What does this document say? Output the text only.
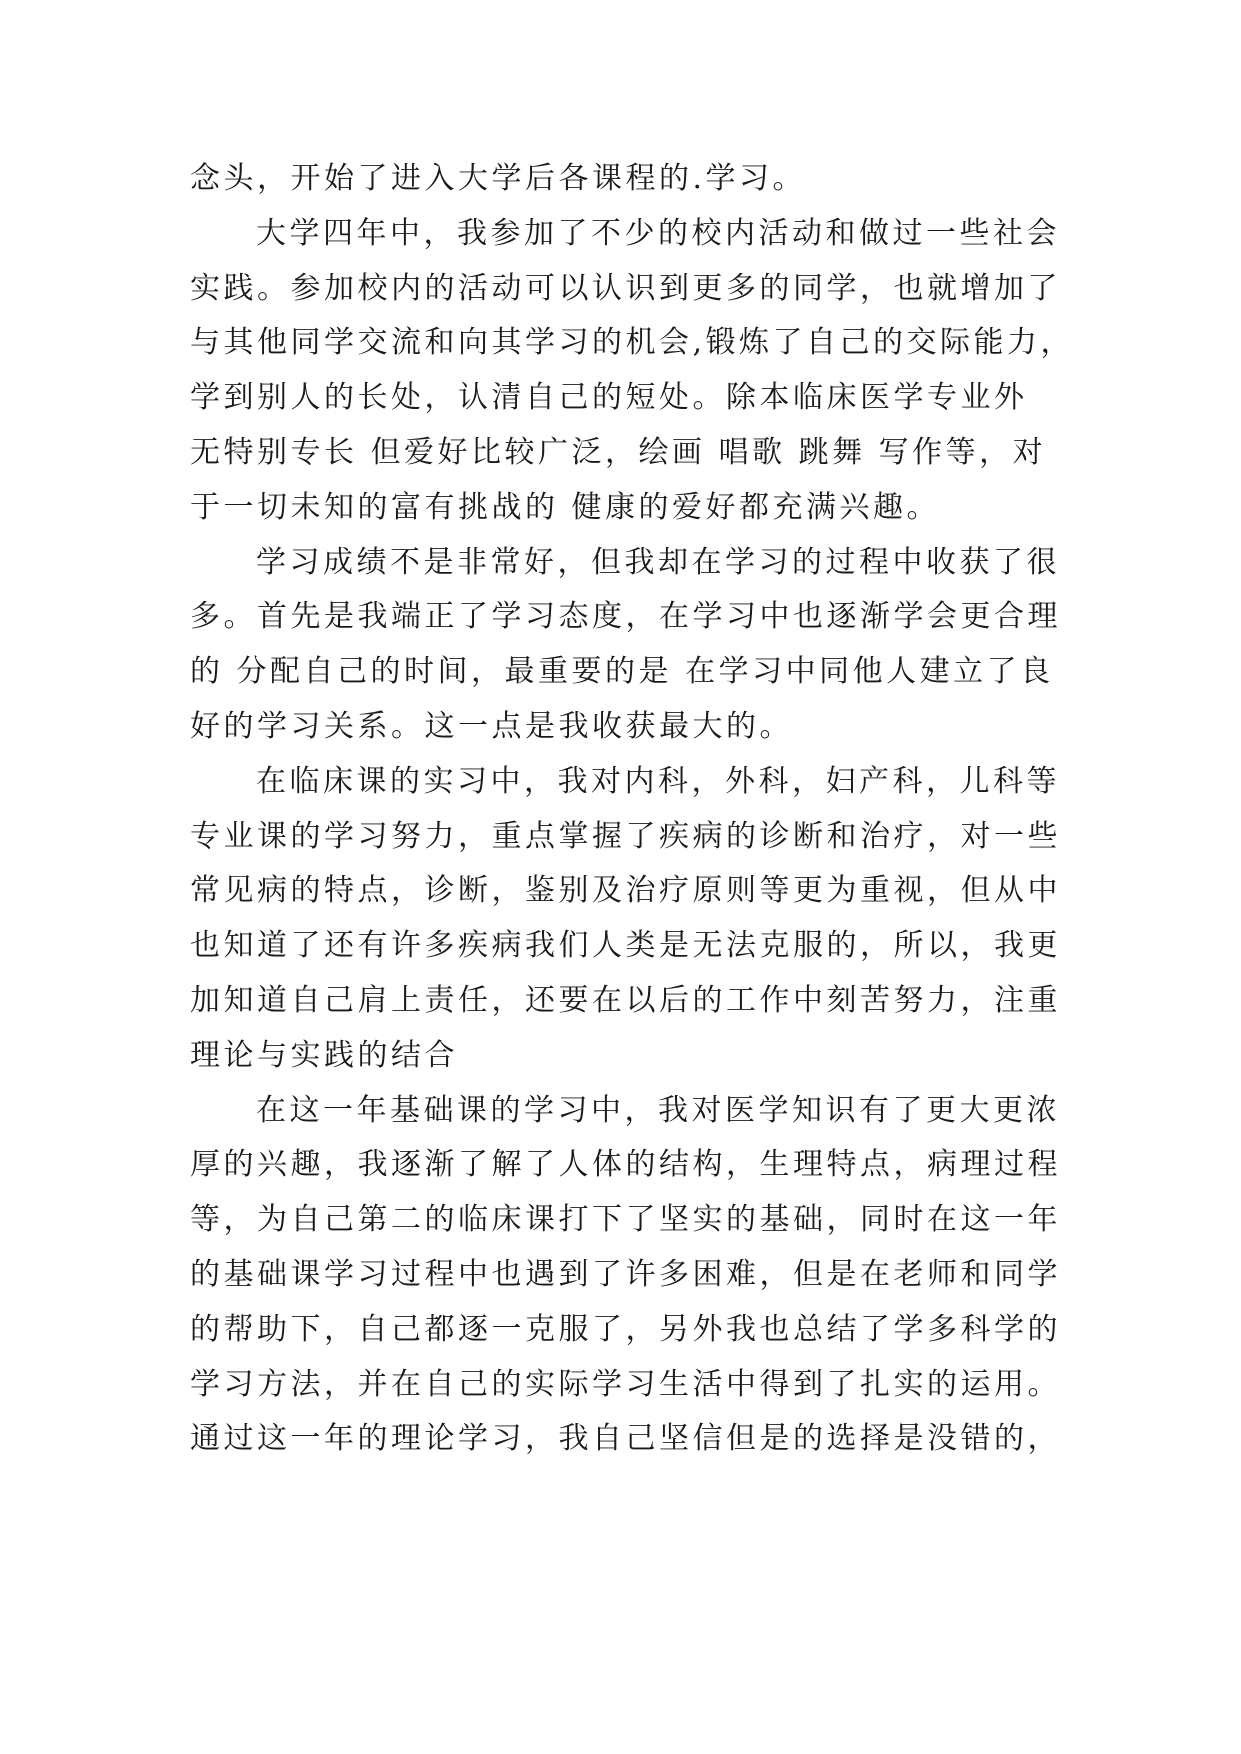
念头，开始了进入大学后各课程的.学习。
大学四年中，我参加了不少的校内活动和做过一些社会
实践。参加校内的活动可以认识到更多的同学，也就增加了
与其他同学交流和向其学习的机会,锻炼了自己的交际能力，
学到别人的长处，认清自己的短处。除本临床医学专业外
无特别专长 但爱好比较广泛，绘画 唱歌 跳舞 写作等，对
于一切未知的富有挑战的 健康的爱好都充满兴趣。
学习成绩不是非常好，但我却在学习的过程中收获了很
多。首先是我端正了学习态度，在学习中也逐渐学会更合理
的 分配自己的时间，最重要的是 在学习中同他人建立了良
好的学习关系。这一点是我收获最大的。
在临床课的实习中，我对内科，外科，妇产科，儿科等
专业课的学习努力，重点掌握了疾病的诊断和治疗，对一些
常见病的特点，诊断，鉴别及治疗原则等更为重视，但从中
也知道了还有许多疾病我们人类是无法克服的，所以，我更
加知道自己肩上责任，还要在以后的工作中刻苦努力，注重
理论与实践的结合
在这一年基础课的学习中，我对医学知识有了更大更浓
厚的兴趣，我逐渐了解了人体的结构，生理特点，病理过程
等，为自己第二的临床课打下了坚实的基础，同时在这一年
的基础课学习过程中也遇到了许多困难，但是在老师和同学
的帮助下，自己都逐一克服了，另外我也总结了学多科学的
学习方法，并在自己的实际学习生活中得到了扎实的运用。
通过这一年的理论学习，我自己坚信但是的选择是没错的，
